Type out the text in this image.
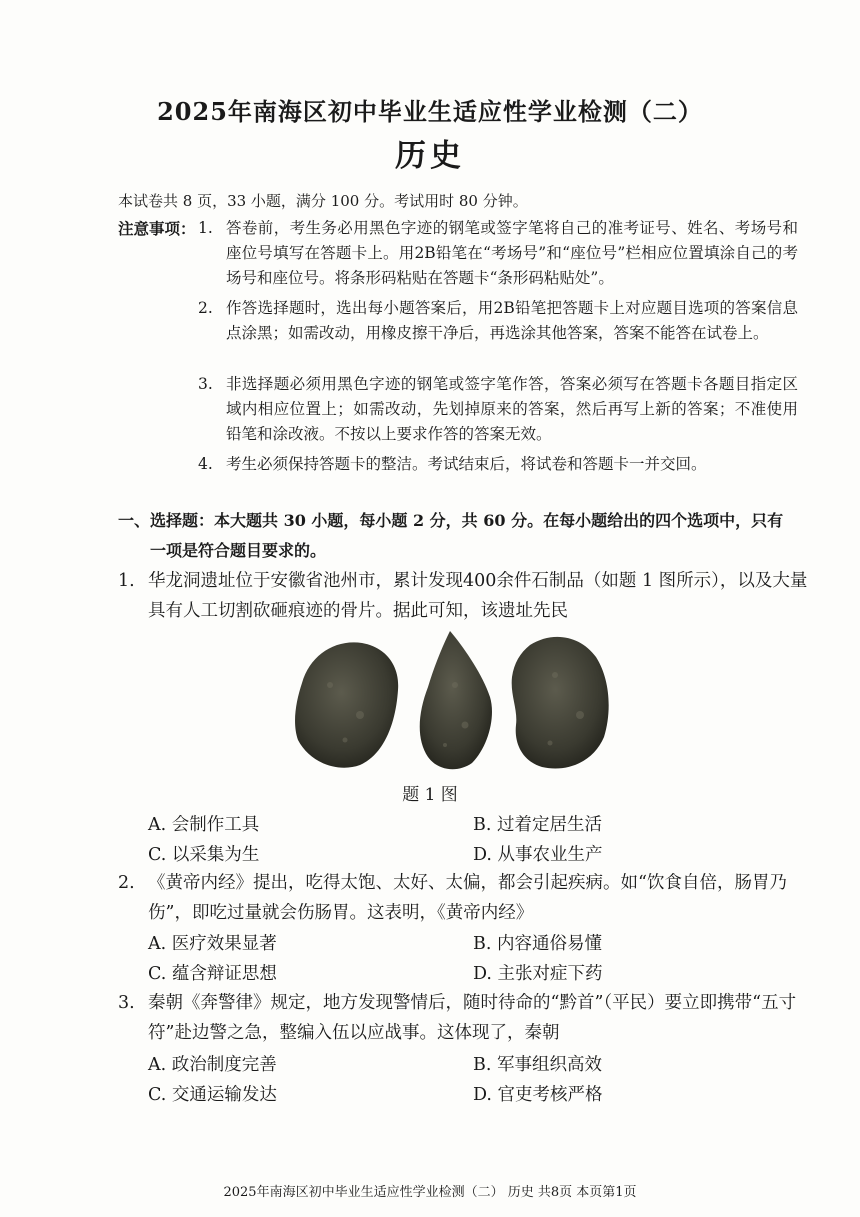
2025年南海区初中毕业生适应性学业检测（二）
历史
本试卷共 8 页，33 小题，满分 100 分。考试用时 80 分钟。
注意事项： 1. 答卷前，考生务必用黑色字迹的钢笔或签字笔将自己的准考证号、姓名、考场号和座位号填写在答题卡上。用2B铅笔在“考场号”和“座位号”栏相应位置填涂自己的考场号和座位号。将条形码粘贴在答题卡“条形码粘贴处”。
2. 作答选择题时，选出每小题答案后，用2B铅笔把答题卡上对应题目选项的答案信息点涂黑；如需改动，用橡皮擦干净后，再选涂其他答案，答案不能答在试卷上。
3. 非选择题必须用黑色字迹的钢笔或签字笔作答，答案必须写在答题卡各题目指定区域内相应位置上；如需改动，先划掉原来的答案，然后再写上新的答案；不准使用铅笔和涂改液。不按以上要求作答的答案无效。
4. 考生必须保持答题卡的整洁。考试结束后，将试卷和答题卡一并交回。
一、选择题：本大题共 30 小题，每小题 2 分，共 60 分。在每小题给出的四个选项中，只有
一项是符合题目要求的。
1. 华龙洞遗址位于安徽省池州市，累计发现400余件石制品（如题 1 图所示），以及大量具有人工切割砍砸痕迹的骨片。据此可知，该遗址先民
题 1 图
A. 会制作工具	B. 过着定居生活
C. 以采集为生	D. 从事农业生产
2. 《黄帝内经》提出，吃得太饱、太好、太偏，都会引起疾病。如“饮食自倍，肠胃乃伤”，即吃过量就会伤肠胃。这表明，《黄帝内经》
A. 医疗效果显著	B. 内容通俗易懂
C. 蕴含辩证思想	D. 主张对症下药
3. 秦朝《奔警律》规定，地方发现警情后，随时待命的“黔首”（平民）要立即携带“五寸符”赴边警之急，整编入伍以应战事。这体现了，秦朝
A. 政治制度完善	B. 军事组织高效
C. 交通运输发达	D. 官吏考核严格
2025年南海区初中毕业生适应性学业检测（二） 历史 共8页 本页第1页
